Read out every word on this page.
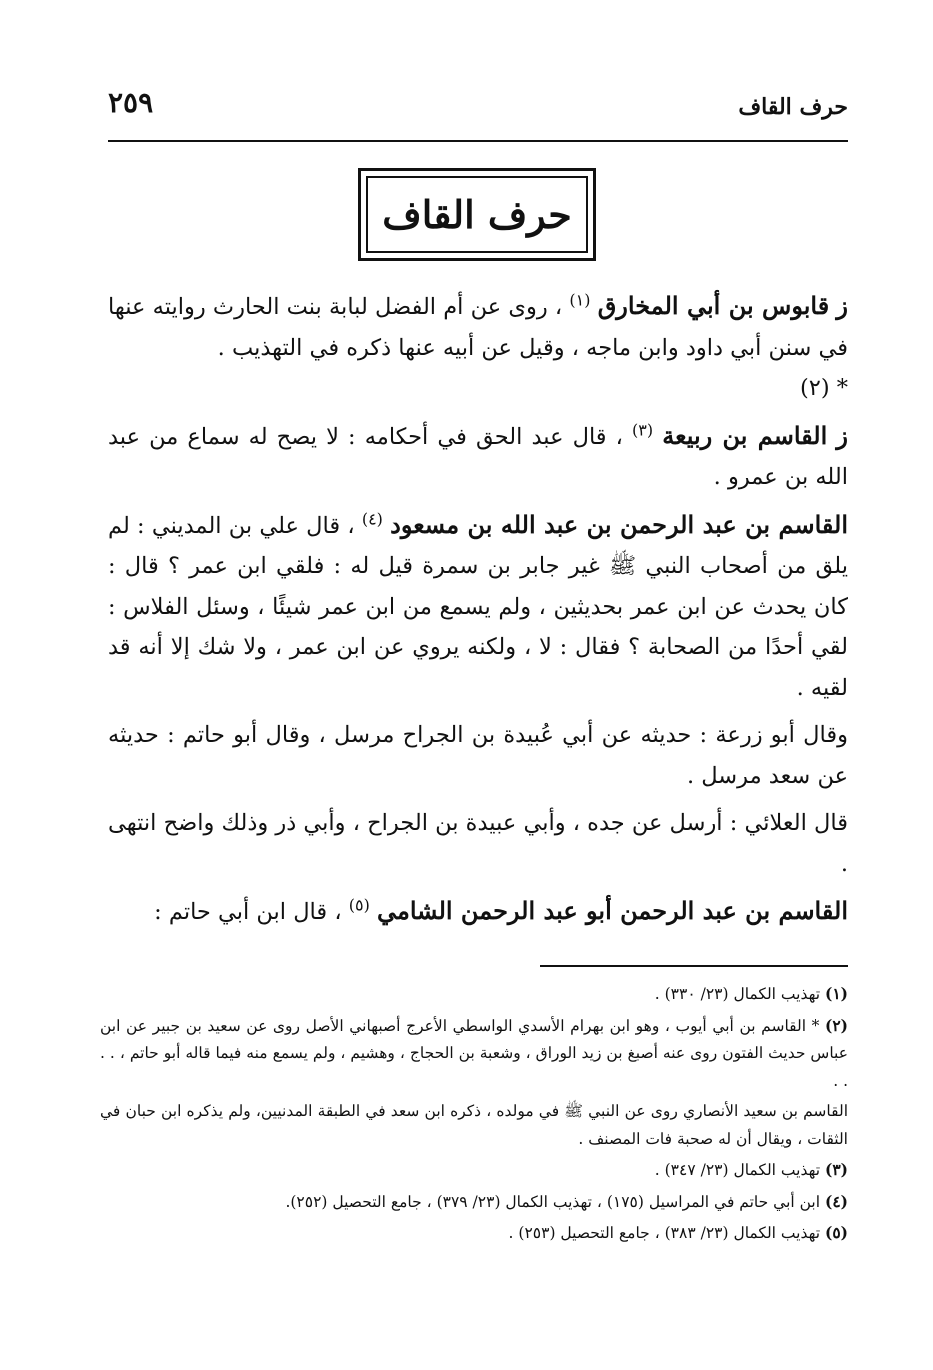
حرف القاف
٢٥٩
حرف القاف

ز قابوس بن أبي المخارق $^{(١)}$ ، روى عن أم الفضل لبابة بنت الحارث روايته عنها في سنن أبي داود وابن ماجه ، وقيل عن أبيه عنها ذكره في التهذيب .
* (٢)

ز القاسم بن ربيعة $^{(٣)}$ ، قال عبد الحق في أحكامه : لا يصح له سماع من عبد الله بن عمرو .

القاسم بن عبد الرحمن بن عبد الله بن مسعود $^{(٤)}$ ، قال علي بن المديني : لم يلق من أصحاب النبي ﷺ غير جابر بن سمرة قيل له : فلقي ابن عمر ؟ قال : كان يحدث عن ابن عمر بحديثين ، ولم يسمع من ابن عمر شيئًا ، وسئل الفلاس : لقي أحدًا من الصحابة ؟ فقال : لا ، ولكنه يروي عن ابن عمر ، ولا شك إلا أنه قد لقيه .

وقال أبو زرعة : حديثه عن أبي عُبيدة بن الجراح مرسل ، وقال أبو حاتم : حديثه عن سعد مرسل .

قال العلائي : أرسل عن جده ، وأبي عبيدة بن الجراح ، وأبي ذر وذلك واضح انتهى .

القاسم بن عبد الرحمن أبو عبد الرحمن الشامي $^{(٥)}$ ، قال ابن أبي حاتم :

(١) تهذيب الكمال (٢٣/ ٣٣٠) .

(٢) * القاسم بن أبي أيوب ، وهو ابن بهرام الأسدي الواسطي الأعرج أصبهاني الأصل روى عن سعيد بن جبير عن ابن عباس حديث الفتون روى عنه أصبغ بن زيد الوراق ، وشعبة بن الحجاج ، وهشيم ، ولم يسمع منه فيما قاله أبو حاتم ، . . . .

القاسم بن سعيد الأنصاري روى عن النبي ﷺ في مولده ، ذكره ابن سعد في الطبقة المدنيين، ولم يذكره ابن حبان في الثقات ، ويقال أن له صحبة فات المصنف .

(٣) تهذيب الكمال (٢٣/ ٣٤٧) .

(٤) ابن أبي حاتم في المراسيل (١٧٥) ، تهذيب الكمال (٢٣/ ٣٧٩) ، جامع التحصيل (٢٥٢).

(٥) تهذيب الكمال (٢٣/ ٣٨٣) ، جامع التحصيل (٢٥٣) .
